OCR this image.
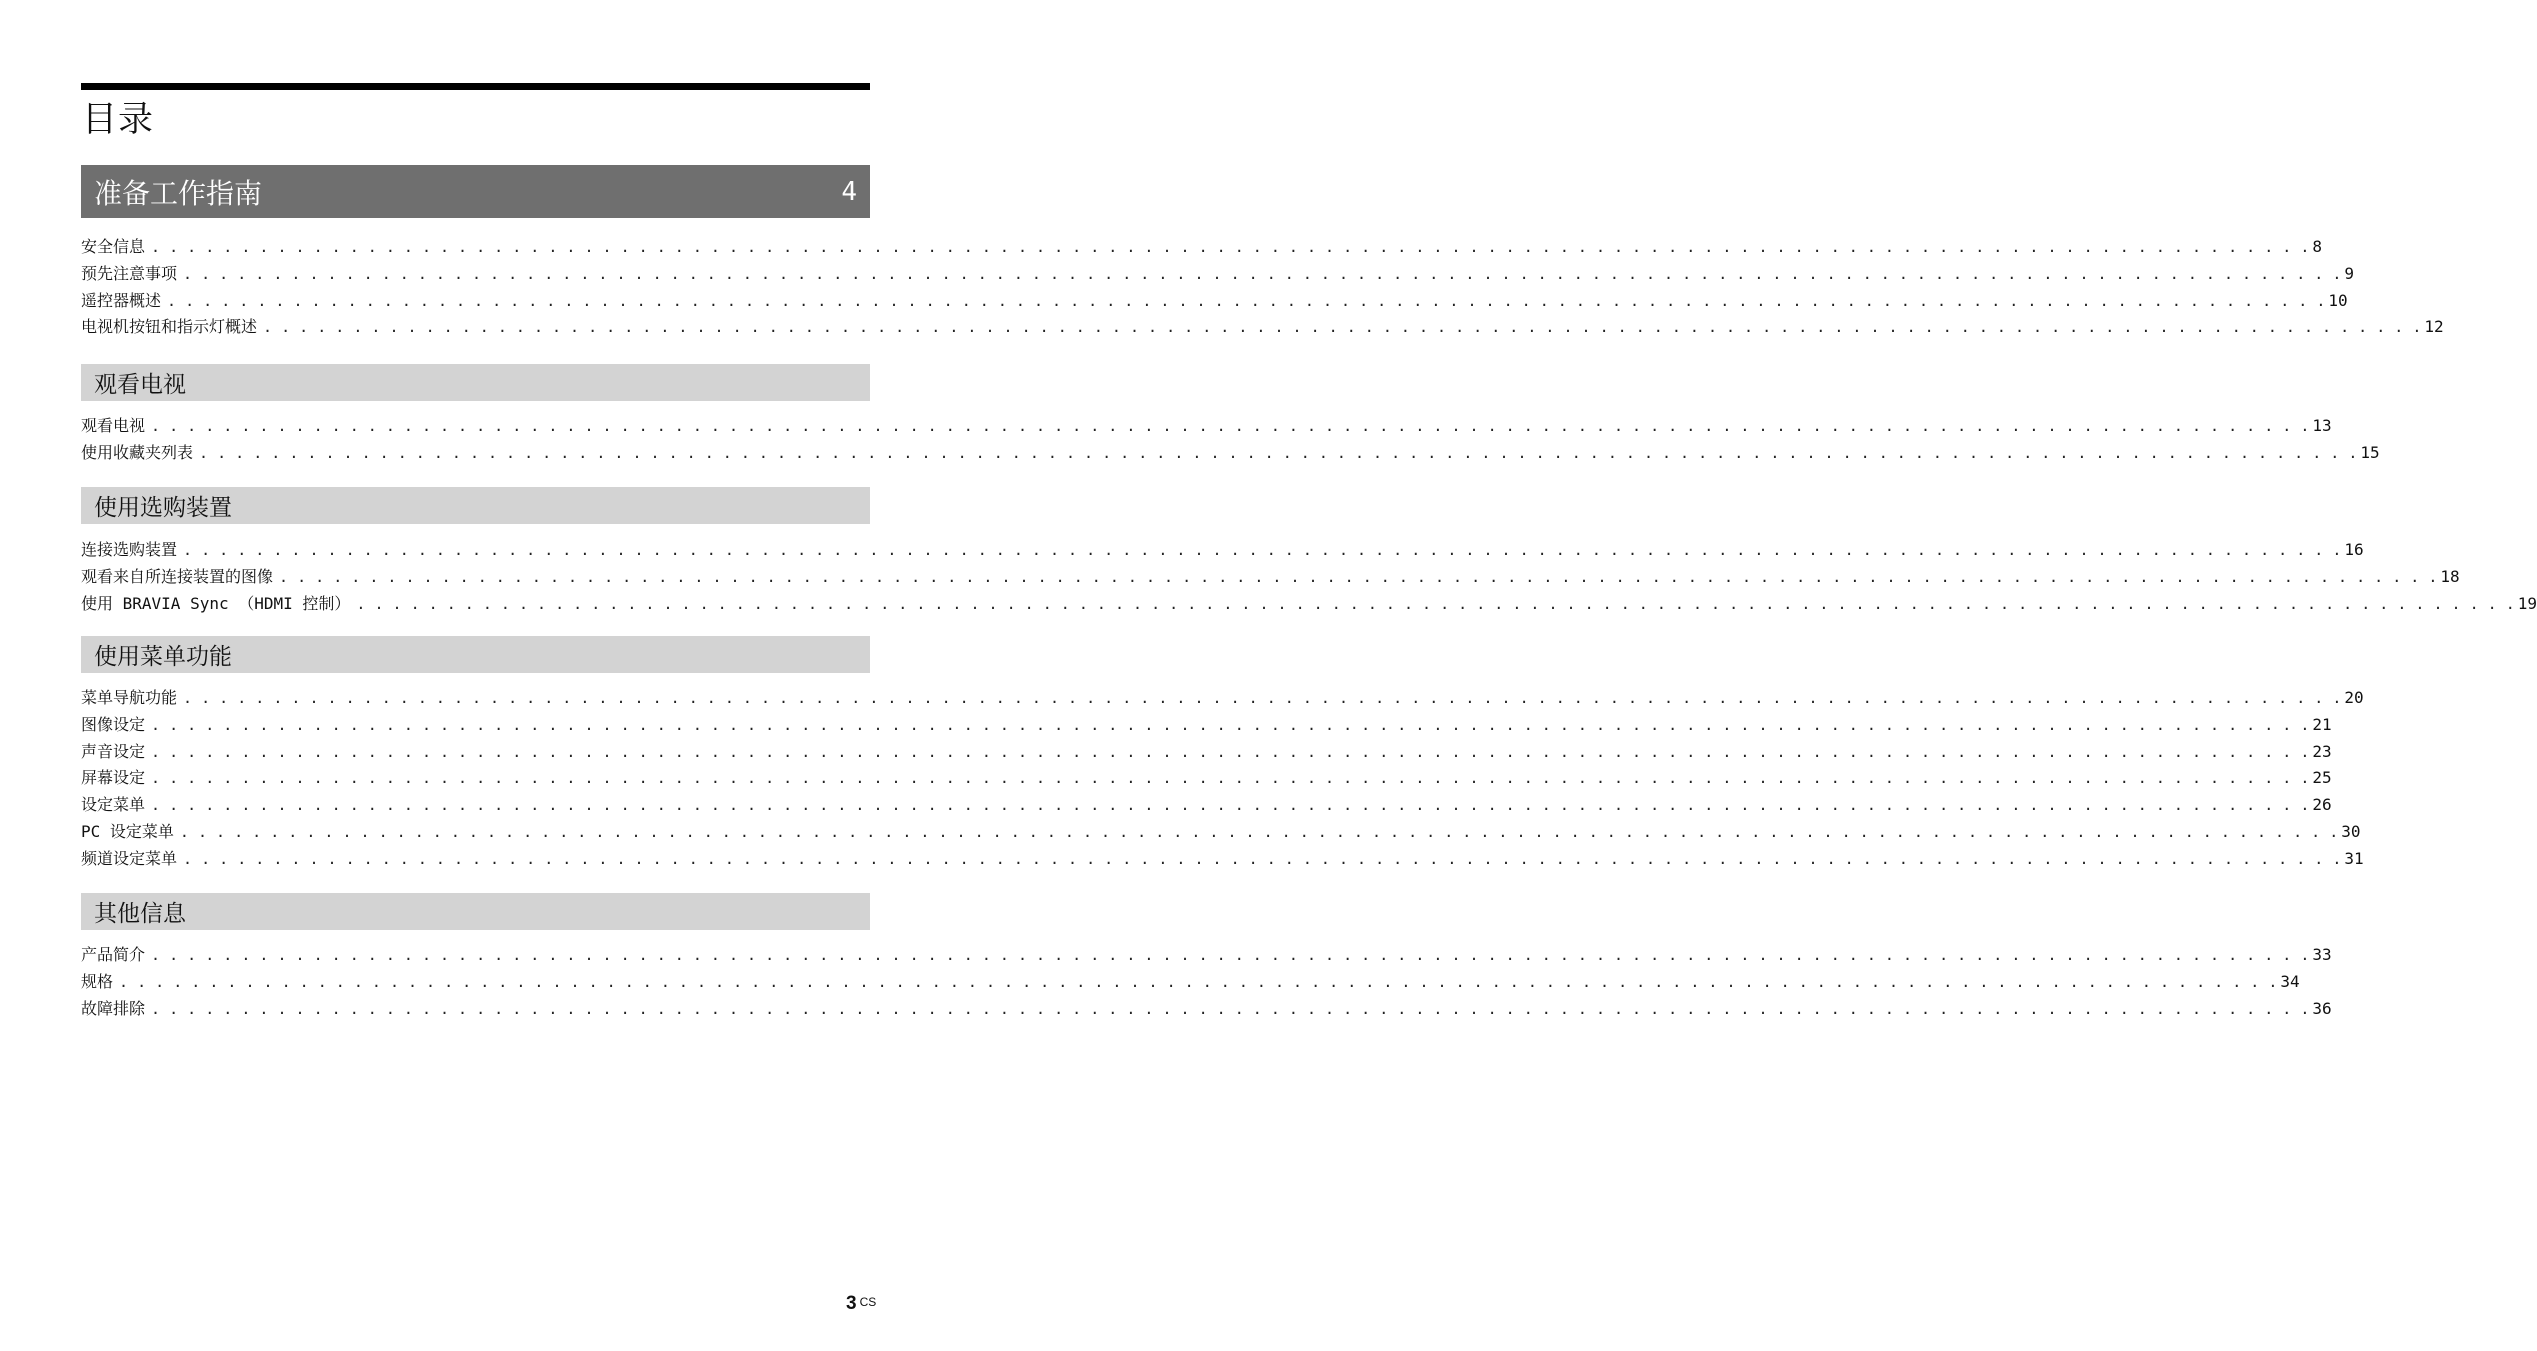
目录
准备工作指南	4
安全信息 . . . . . . . . . . . . . . . . . . . . . . . . . . . . . . . . . . . . . . . . . . . . . . . . . . . . . . . . . . . . . . . . . . . . . . . . . . . . . . . . . . . . . . . . . . . . . . . . . . . . . . . . . . . . . . . . . . . . . . . . 8
预先注意事项 . . . . . . . . . . . . . . . . . . . . . . . . . . . . . . . . . . . . . . . . . . . . . . . . . . . . . . . . . . . . . . . . . . . . . . . . . . . . . . . . . . . . . . . . . . . . . . . . . . . . . . . . . . . . . . . . . . . . . . . . 9
遥控器概述 . . . . . . . . . . . . . . . . . . . . . . . . . . . . . . . . . . . . . . . . . . . . . . . . . . . . . . . . . . . . . . . . . . . . . . . . . . . . . . . . . . . . . . . . . . . . . . . . . . . . . . . . . . . . . . . . . . . . . . . . 10
电视机按钮和指示灯概述 . . . . . . . . . . . . . . . . . . . . . . . . . . . . . . . . . . . . . . . . . . . . . . . . . . . . . . . . . . . . . . . . . . . . . . . . . . . . . . . . . . . . . . . . . . . . . . . . . . . . . . . . . . . . . . . . . . . . . . . . 12
观看电视
观看电视 . . . . . . . . . . . . . . . . . . . . . . . . . . . . . . . . . . . . . . . . . . . . . . . . . . . . . . . . . . . . . . . . . . . . . . . . . . . . . . . . . . . . . . . . . . . . . . . . . . . . . . . . . . . . . . . . . . . . . . . . 13
使用收藏夹列表 . . . . . . . . . . . . . . . . . . . . . . . . . . . . . . . . . . . . . . . . . . . . . . . . . . . . . . . . . . . . . . . . . . . . . . . . . . . . . . . . . . . . . . . . . . . . . . . . . . . . . . . . . . . . . . . . . . . . . . . . 15
使用选购装置
连接选购装置 . . . . . . . . . . . . . . . . . . . . . . . . . . . . . . . . . . . . . . . . . . . . . . . . . . . . . . . . . . . . . . . . . . . . . . . . . . . . . . . . . . . . . . . . . . . . . . . . . . . . . . . . . . . . . . . . . . . . . . . . 16
观看来自所连接装置的图像 . . . . . . . . . . . . . . . . . . . . . . . . . . . . . . . . . . . . . . . . . . . . . . . . . . . . . . . . . . . . . . . . . . . . . . . . . . . . . . . . . . . . . . . . . . . . . . . . . . . . . . . . . . . . . . . . . . . . . . . . 18
使用 BRAVIA Sync （HDMI 控制） . . . . . . . . . . . . . . . . . . . . . . . . . . . . . . . . . . . . . . . . . . . . . . . . . . . . . . . . . . . . . . . . . . . . . . . . . . . . . . . . . . . . . . . . . . . . . . . . . . . . . . . . . . . . . . . . . . . . . . . . 19
使用菜单功能
菜单导航功能 . . . . . . . . . . . . . . . . . . . . . . . . . . . . . . . . . . . . . . . . . . . . . . . . . . . . . . . . . . . . . . . . . . . . . . . . . . . . . . . . . . . . . . . . . . . . . . . . . . . . . . . . . . . . . . . . . . . . . . . . 20
图像设定 . . . . . . . . . . . . . . . . . . . . . . . . . . . . . . . . . . . . . . . . . . . . . . . . . . . . . . . . . . . . . . . . . . . . . . . . . . . . . . . . . . . . . . . . . . . . . . . . . . . . . . . . . . . . . . . . . . . . . . . . 21
声音设定 . . . . . . . . . . . . . . . . . . . . . . . . . . . . . . . . . . . . . . . . . . . . . . . . . . . . . . . . . . . . . . . . . . . . . . . . . . . . . . . . . . . . . . . . . . . . . . . . . . . . . . . . . . . . . . . . . . . . . . . . 23
屏幕设定 . . . . . . . . . . . . . . . . . . . . . . . . . . . . . . . . . . . . . . . . . . . . . . . . . . . . . . . . . . . . . . . . . . . . . . . . . . . . . . . . . . . . . . . . . . . . . . . . . . . . . . . . . . . . . . . . . . . . . . . . 25
设定菜单 . . . . . . . . . . . . . . . . . . . . . . . . . . . . . . . . . . . . . . . . . . . . . . . . . . . . . . . . . . . . . . . . . . . . . . . . . . . . . . . . . . . . . . . . . . . . . . . . . . . . . . . . . . . . . . . . . . . . . . . . 26
PC 设定菜单 . . . . . . . . . . . . . . . . . . . . . . . . . . . . . . . . . . . . . . . . . . . . . . . . . . . . . . . . . . . . . . . . . . . . . . . . . . . . . . . . . . . . . . . . . . . . . . . . . . . . . . . . . . . . . . . . . . . . . . . . 30
频道设定菜单 . . . . . . . . . . . . . . . . . . . . . . . . . . . . . . . . . . . . . . . . . . . . . . . . . . . . . . . . . . . . . . . . . . . . . . . . . . . . . . . . . . . . . . . . . . . . . . . . . . . . . . . . . . . . . . . . . . . . . . . . 31
其他信息
产品简介 . . . . . . . . . . . . . . . . . . . . . . . . . . . . . . . . . . . . . . . . . . . . . . . . . . . . . . . . . . . . . . . . . . . . . . . . . . . . . . . . . . . . . . . . . . . . . . . . . . . . . . . . . . . . . . . . . . . . . . . . 33
规格 . . . . . . . . . . . . . . . . . . . . . . . . . . . . . . . . . . . . . . . . . . . . . . . . . . . . . . . . . . . . . . . . . . . . . . . . . . . . . . . . . . . . . . . . . . . . . . . . . . . . . . . . . . . . . . . . . . . . . . . . 34
故障排除 . . . . . . . . . . . . . . . . . . . . . . . . . . . . . . . . . . . . . . . . . . . . . . . . . . . . . . . . . . . . . . . . . . . . . . . . . . . . . . . . . . . . . . . . . . . . . . . . . . . . . . . . . . . . . . . . . . . . . . . . 36
3 CS
